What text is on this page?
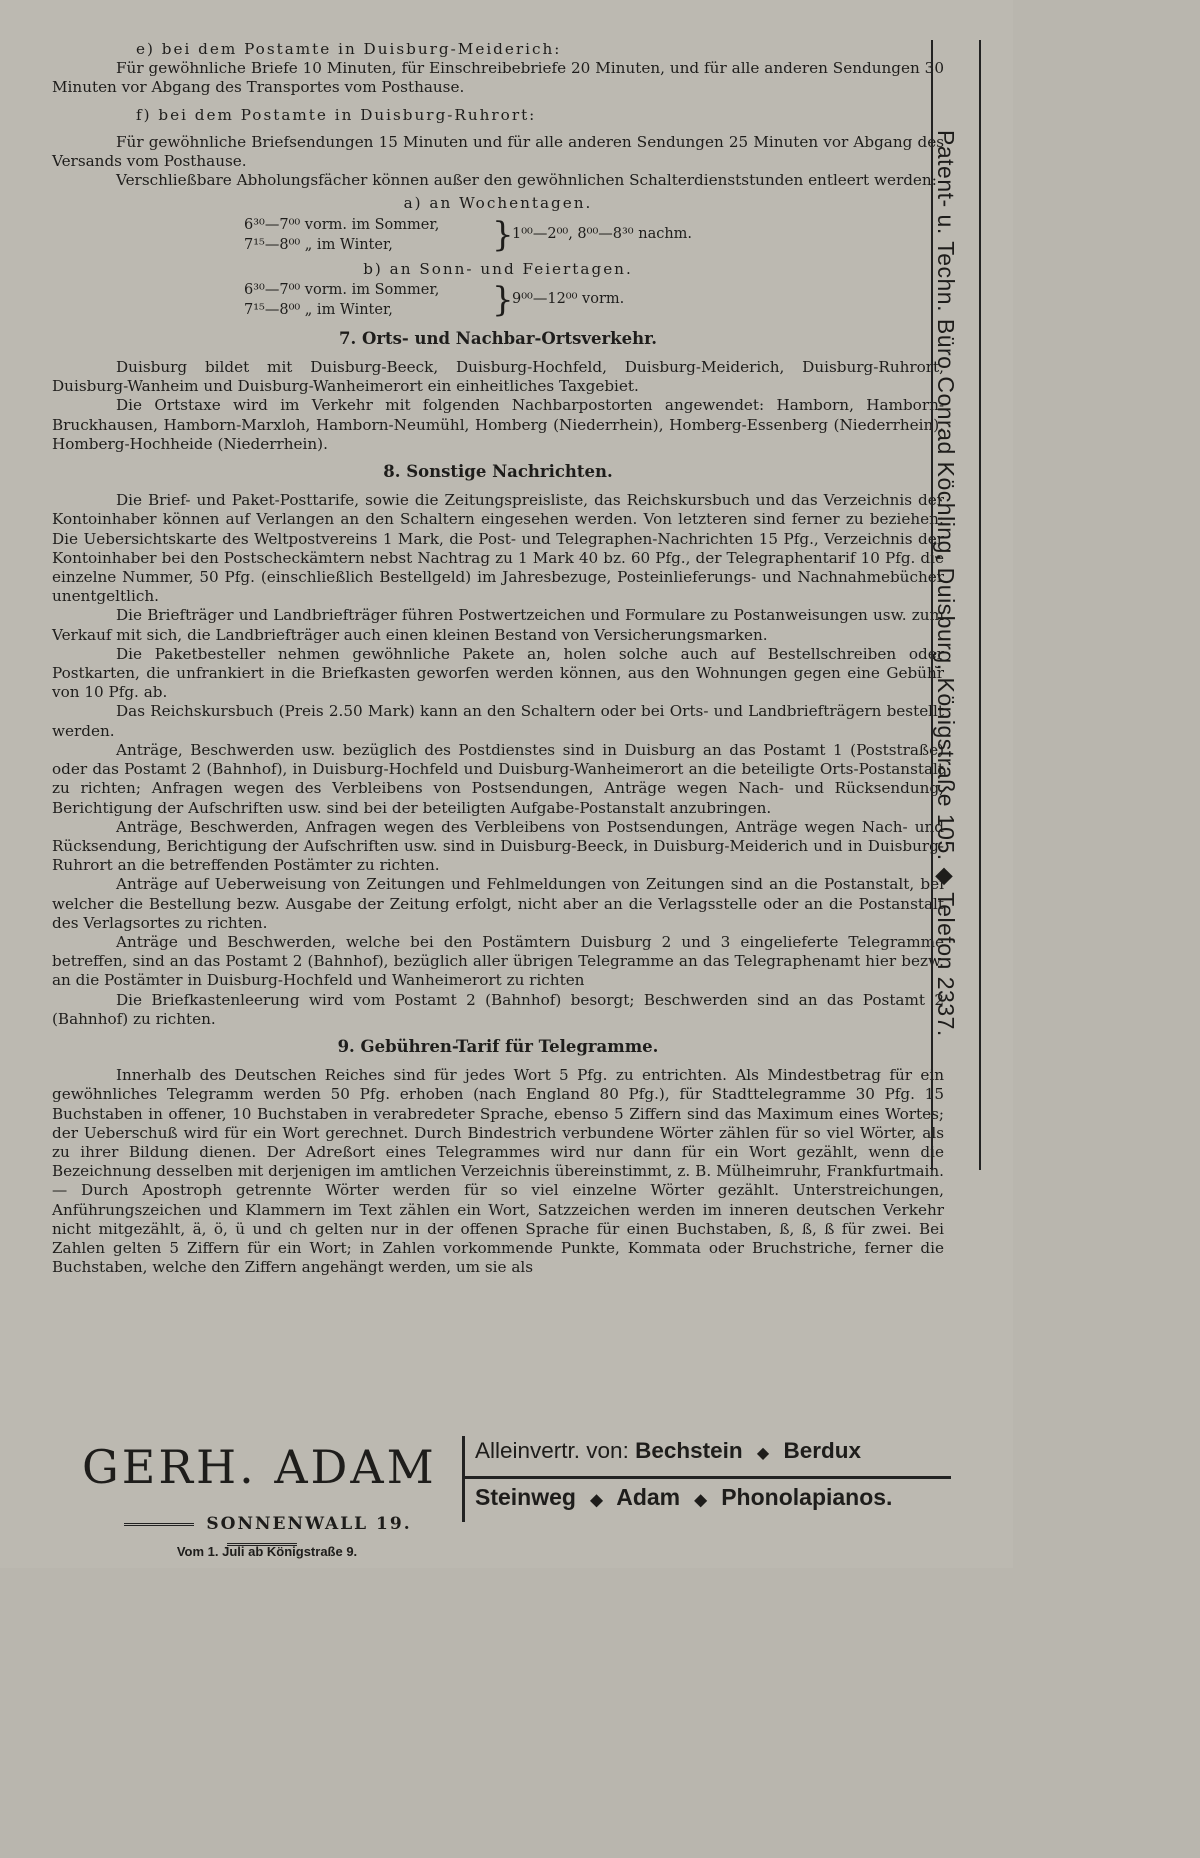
e) bei dem Postamte in Duisburg-Meiderich:

Für gewöhnliche Briefe 10 Minuten, für Einschreibebriefe 20 Minuten, und für alle anderen Sendungen 30 Minuten vor Abgang des Transportes vom Posthause.

f) bei dem Postamte in Duisburg-Ruhrort:

Für gewöhnliche Briefsendungen 15 Minuten und für alle anderen Sendungen 25 Minuten vor Abgang des Versands vom Posthause.

Verschließbare Abholungsfächer können außer den gewöhnlichen Schalterdienststunden entleert werden:

a) an Wochentagen.

6³⁰—7⁰⁰ vorm. im Sommer,
7¹⁵—8⁰⁰ „ im Winter,	}
1⁰⁰—2⁰⁰, 8⁰⁰—8³⁰ nachm.

b) an Sonn- und Feiertagen.

6³⁰—7⁰⁰ vorm. im Sommer,
7¹⁵—8⁰⁰ „ im Winter,	}
9⁰⁰—12⁰⁰ vorm.

7. Orts- und Nachbar-Ortsverkehr.

Duisburg bildet mit Duisburg-Beeck, Duisburg-Hochfeld, Duisburg-Meiderich, Duisburg-Ruhrort, Duisburg-Wanheim und Duisburg-Wanheimerort ein einheitliches Taxgebiet.

Die Ortstaxe wird im Verkehr mit folgenden Nachbarpostorten angewendet: Hamborn, Hamborn-Bruckhausen, Hamborn-Marxloh, Hamborn-Neumühl, Homberg (Niederrhein), Homberg-Essenberg (Niederrhein), Homberg-Hochheide (Niederrhein).

8. Sonstige Nachrichten.

Die Brief- und Paket-Posttarife, sowie die Zeitungspreisliste, das Reichskursbuch und das Verzeichnis der Kontoinhaber können auf Verlangen an den Schaltern eingesehen werden. Von letzteren sind ferner zu beziehen: Die Uebersichtskarte des Weltpostvereins 1 Mark, die Post- und Telegraphen-Nachrichten 15 Pfg., Verzeichnis der Kontoinhaber bei den Postscheckämtern nebst Nachtrag zu 1 Mark 40 bz. 60 Pfg., der Telegraphentarif 10 Pfg. die einzelne Nummer, 50 Pfg. (einschließlich Bestellgeld) im Jahresbezuge, Posteinlieferungs- und Nachnahmebücher unentgeltlich.

Die Briefträger und Landbriefträger führen Postwertzeichen und Formulare zu Postanweisungen usw. zum Verkauf mit sich, die Landbriefträger auch einen kleinen Bestand von Versicherungsmarken.

Die Paketbesteller nehmen gewöhnliche Pakete an, holen solche auch auf Bestellschreiben oder Postkarten, die unfrankiert in die Briefkasten geworfen werden können, aus den Wohnungen gegen eine Gebühr von 10 Pfg. ab.

Das Reichskursbuch (Preis 2.50 Mark) kann an den Schaltern oder bei Orts- und Landbriefträgern bestellt werden.

Anträge, Beschwerden usw. bezüglich des Postdienstes sind in Duisburg an das Postamt 1 (Poststraße) oder das Postamt 2 (Bahnhof), in Duisburg-Hochfeld und Duisburg-Wanheimerort an die beteiligte Orts-Postanstalt zu richten; Anfragen wegen des Verbleibens von Postsendungen, Anträge wegen Nach- und Rücksendung, Berichtigung der Aufschriften usw. sind bei der beteiligten Aufgabe-Postanstalt anzubringen.

Anträge, Beschwerden, Anfragen wegen des Verbleibens von Postsendungen, Anträge wegen Nach- und Rücksendung, Berichtigung der Aufschriften usw. sind in Duisburg-Beeck, in Duisburg-Meiderich und in Duisburg-Ruhrort an die betreffenden Postämter zu richten.

Anträge auf Ueberweisung von Zeitungen und Fehlmeldungen von Zeitungen sind an die Postanstalt, bei welcher die Bestellung bezw. Ausgabe der Zeitung erfolgt, nicht aber an die Verlagsstelle oder an die Postanstalt des Verlagsortes zu richten.

Anträge und Beschwerden, welche bei den Postämtern Duisburg 2 und 3 eingelieferte Telegramme betreffen, sind an das Postamt 2 (Bahnhof), bezüglich aller übrigen Telegramme an das Telegraphenamt hier bezw. an die Postämter in Duisburg-Hochfeld und Wanheimerort zu richten

Die Briefkastenleerung wird vom Postamt 2 (Bahnhof) besorgt; Beschwerden sind an das Postamt 2 (Bahnhof) zu richten.

9. Gebühren-Tarif für Telegramme.

Innerhalb des Deutschen Reiches sind für jedes Wort 5 Pfg. zu entrichten. Als Mindestbetrag für ein gewöhnliches Telegramm werden 50 Pfg. erhoben (nach England 80 Pfg.), für Stadttelegramme 30 Pfg. 15 Buchstaben in offener, 10 Buchstaben in verabredeter Sprache, ebenso 5 Ziffern sind das Maximum eines Wortes; der Ueberschuß wird für ein Wort gerechnet. Durch Bindestrich verbundene Wörter zählen für so viel Wörter, als zu ihrer Bildung dienen. Der Adreßort eines Telegrammes wird nur dann für ein Wort gezählt, wenn die Bezeichnung desselben mit derjenigen im amtlichen Verzeichnis übereinstimmt, z. B. Mülheimruhr, Frankfurtmain. — Durch Apostroph getrennte Wörter werden für so viel einzelne Wörter gezählt. Unterstreichungen, Anführungszeichen und Klammern im Text zählen ein Wort, Satzzeichen werden im inneren deutschen Verkehr nicht mitgezählt, ä, ö, ü und ch gelten nur in der offenen Sprache für einen Buchstaben, ß, ß, ß für zwei. Bei Zahlen gelten 5 Ziffern für ein Wort; in Zahlen vorkommende Punkte, Kommata oder Bruchstriche, ferner die Buchstaben, welche den Ziffern angehängt werden, um sie als

Patent- u. Techn. Büro Conrad Köchling, Duisburg, Königstraße 105. ◆ Telefon 2337.
GERH. ADAM
SONNENWALL 19.
Vom 1. Juli ab Königstraße 9.
Alleinvertr. von: Bechstein ◆ Berdux
Steinweg ◆ Adam ◆ Phonolapianos.
